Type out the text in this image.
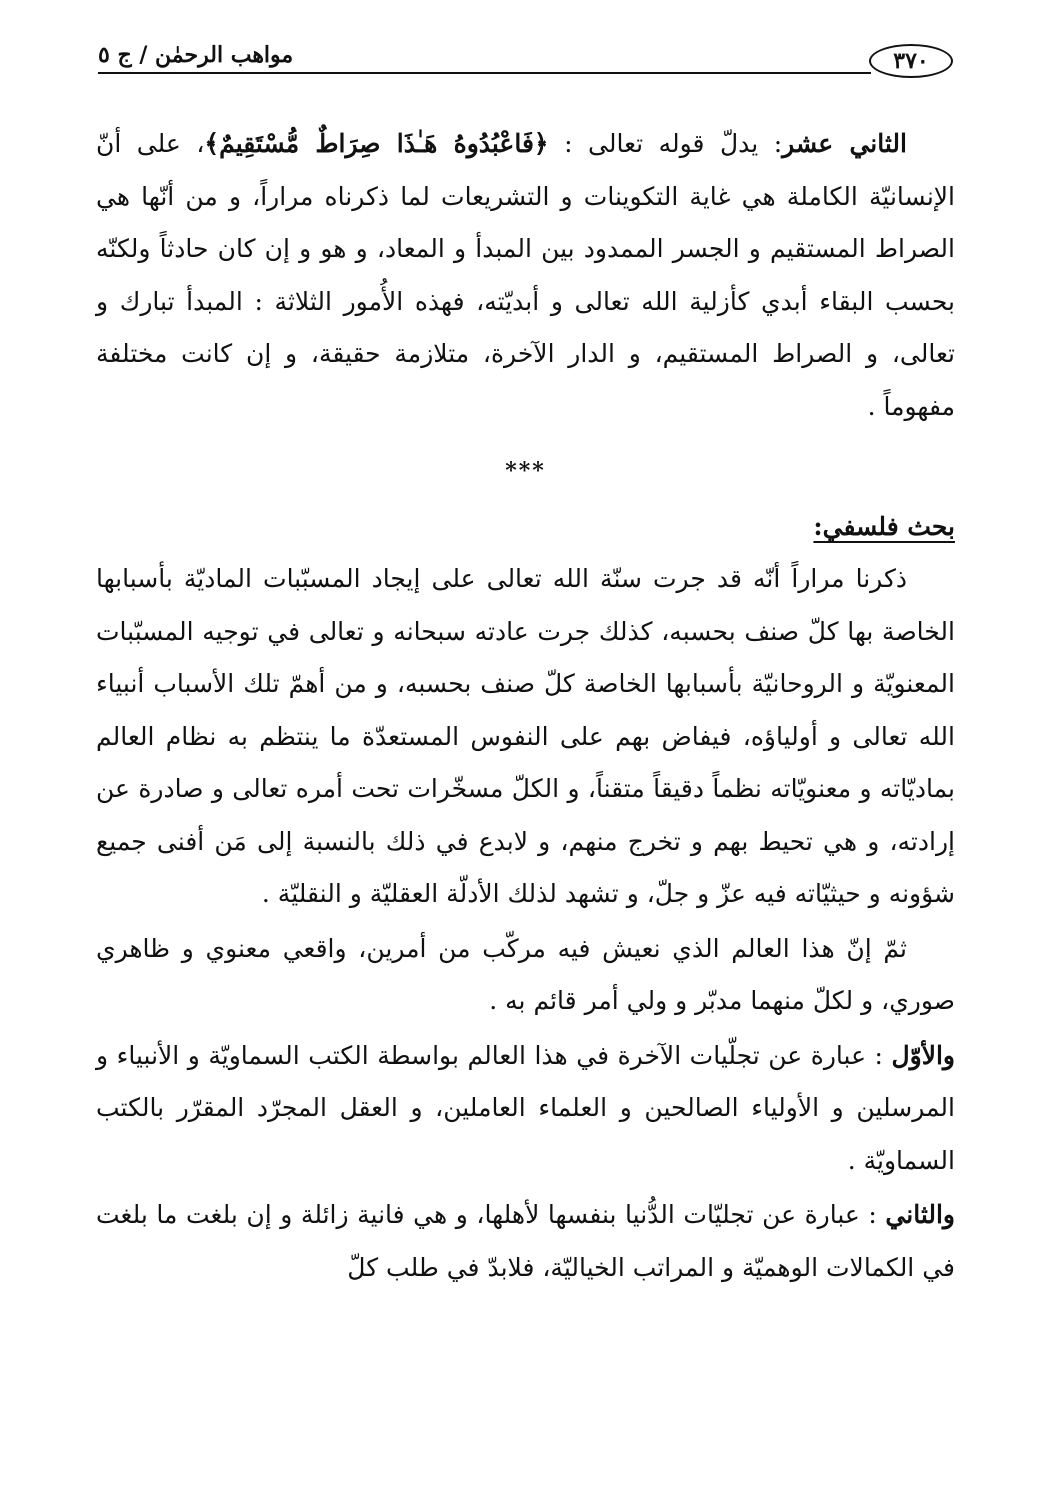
٣٧٠
مواهب الرحمٰن / ج ٥

الثاني عشر: يدلّ قوله تعالى : ﴿فَاعْبُدُوهُ هَـٰذَا صِرَاطٌ مُّسْتَقِيمٌ﴾، على أنّ الإنسانيّة الكاملة هي غاية التكوينات و التشريعات لما ذكرناه مراراً، و من أنّها هي الصراط المستقيم و الجسر الممدود بين المبدأ و المعاد، و هو و إن كان حادثاً ولكنّه بحسب البقاء أبدي كأزلية الله تعالى و أبديّته، فهذه الأُمور الثلاثة : المبدأ تبارك و تعالى، و الصراط المستقيم، و الدار الآخرة، متلازمة حقيقة، و إن كانت مختلفة مفهوماً .

***

بحث فلسفي:

ذكرنا مراراً أنّه قد جرت سنّة الله تعالى على إيجاد المسبّبات الماديّة بأسبابها الخاصة بها كلّ صنف بحسبه، كذلك جرت عادته سبحانه و تعالى في توجيه المسبّبات المعنويّة و الروحانيّة بأسبابها الخاصة كلّ صنف بحسبه، و من أهمّ تلك الأسباب أنبياء الله تعالى و أولياؤه، فيفاض بهم على النفوس المستعدّة ما ينتظم به نظام العالم بماديّاته و معنويّاته نظماً دقيقاً متقناً، و الكلّ مسخّرات تحت أمره تعالى و صادرة عن إرادته، و هي تحيط بهم و تخرج منهم، و لابدع في ذلك بالنسبة إلى مَن أفنى جميع شؤونه و حيثيّاته فيه عزّ و جلّ، و تشهد لذلك الأدلّة العقليّة و النقليّة .

ثمّ إنّ هذا العالم الذي نعيش فيه مركّب من أمرين، واقعي معنوي و ظاهري صوري، و لكلّ منهما مدبّر و ولي أمر قائم به .

والأوّل : عبارة عن تجلّيات الآخرة في هذا العالم بواسطة الكتب السماويّة و الأنبياء و المرسلين و الأولياء الصالحين و العلماء العاملين، و العقل المجرّد المقرّر بالكتب السماويّة .

والثاني : عبارة عن تجليّات الدُّنيا بنفسها لأهلها، و هي فانية زائلة و إن بلغت ما بلغت في الكمالات الوهميّة و المراتب الخياليّة، فلابدّ في طلب كلّ
